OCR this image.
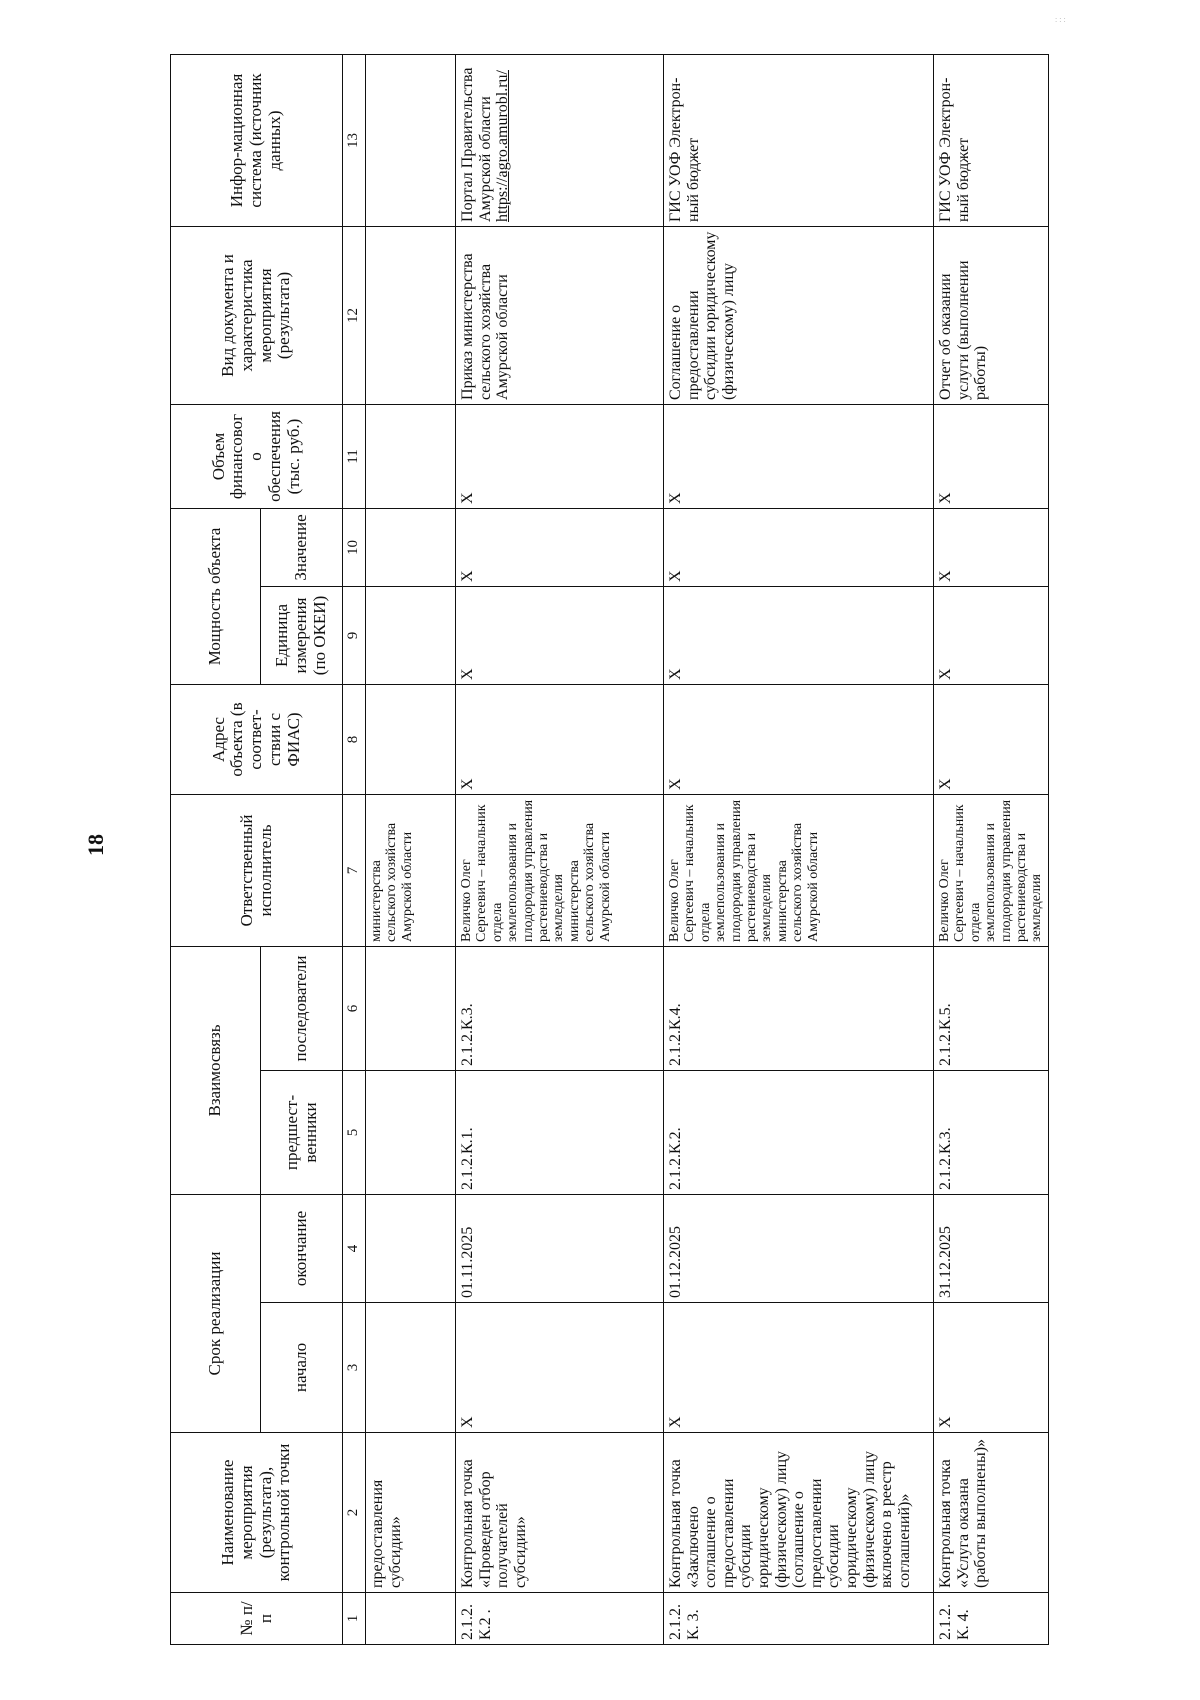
18
: : :
№ п/п	Наименование мероприятия (результата), контрольной точки	Срок реализации		Взаимосвязь		Ответственный исполнитель	Адрес объекта (в соответ-ствии с ФИАС)	Мощность объекта		Объем финансовог о обеспечения (тыс. руб.)	Вид документа и характеристика мероприятия (результата)	Инфор-мационная система (источник данных)
		начало	окончание	предшест-венники	последователи			Единица измерения (по ОКЕИ)	Значение			
1	2	3	4	5	6	7	8	9	10	11	12	13
	предоставления субсидии»					министерства сельского хозяйства Амурской области						
2.1.2.К.2 .	Контрольная точка «Проведен отбор получателей субсидии»	X	01.11.2025	2.1.2.К.1.	2.1.2.К.3.	Величко Олег Сергеевич – начальник отдела землепользования и плодородия управления растениеводства и земледелия министерства сельского хозяйства Амурской области	X	X	X	X	Приказ министерства сельского хозяйства Амурской области	Портал Правительства Амурской области https://agro.amurobl.ru/
2.1.2.К. 3.	Контрольная точка «Заключено соглашение о предоставлении субсидии юридическому (физическому) лицу (соглашение о предоставлении субсидии юридическому (физическому) лицу включено в реестр соглашений)»	X	01.12.2025	2.1.2.К.2.	2.1.2.К.4.	Величко Олег Сергеевич – начальник отдела землепользования и плодородия управления растениеводства и земледелия министерства сельского хозяйства Амурской области	X	X	X	X	Соглашение о предоставлении субсидии юридическому (физическому) лицу	ГИС УОФ Электрон-ный бюджет
2.1.2.К. 4.	Контрольная точка «Услуга оказана (работы выполнены)»	X	31.12.2025	2.1.2.К.3.	2.1.2.К.5.	Величко Олег Сергеевич – начальник отдела землепользования и плодородия управления растениеводства и земледелия	X	X	X	X	Отчет об оказании услуги (выполнении работы)	ГИС УОФ Электрон-ный бюджет
